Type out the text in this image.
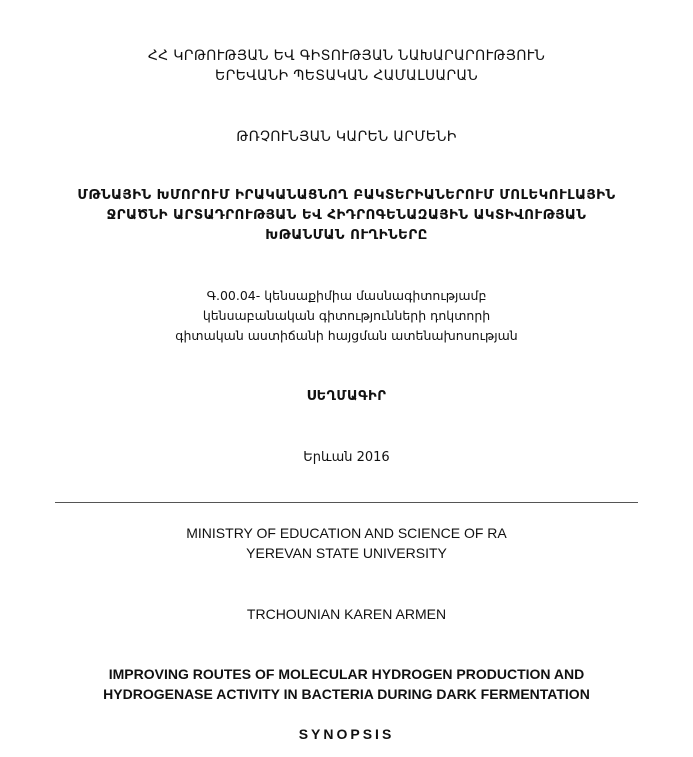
ՀՀ ԿՐԹՈՒԹՅԱՆ ԵՎ ԳԻՏՈՒԹՅԱՆ ՆԱԽԱՐԱՐՈՒԹՅՈՒՆ
ԵՐԵՎԱՆԻ ՊԵՏԱԿԱՆ ՀԱՄԱԼՍԱՐԱՆ
ԹՌՉՈՒՆՅԱՆ ԿԱՐԵՆ ԱՐՄԵՆԻ
ՄԹՆԱՅԻՆ ԽՄՈՐՈՒՄ ԻՐԱԿԱՆԱՑՆՈՂ ԲԱԿՏԵՐԻԱՆԵՐՈՒՄ ՄՈԼԵԿՈՒԼԱՅԻՆ
ՋՐԱԾՆԻ ԱՐՏԱԴՐՈՒԹՅԱՆ ԵՎ ՀԻԴՐՈԳԵՆԱԶԱՅԻՆ ԱԿՏԻՎՈՒԹՅԱՆ
ԽԹԱՆՄԱՆ ՈՒՂԻՆԵՐԸ
Գ.00.04- կենսաքիմիա մասնագիտությամբ
կենսաբանական գիտությունների դոկտորի
գիտական աստիճանի հայցման ատենախոսության
ՍԵՂՄԱԳԻՐ
Երևան 2016
MINISTRY OF EDUCATION AND SCIENCE OF RA
YEREVAN STATE UNIVERSITY
TRCHOUNIAN KAREN ARMEN
IMPROVING ROUTES OF MOLECULAR HYDROGEN PRODUCTION AND
HYDROGENASE ACTIVITY IN BACTERIA DURING DARK FERMENTATION
SYNOPSIS
